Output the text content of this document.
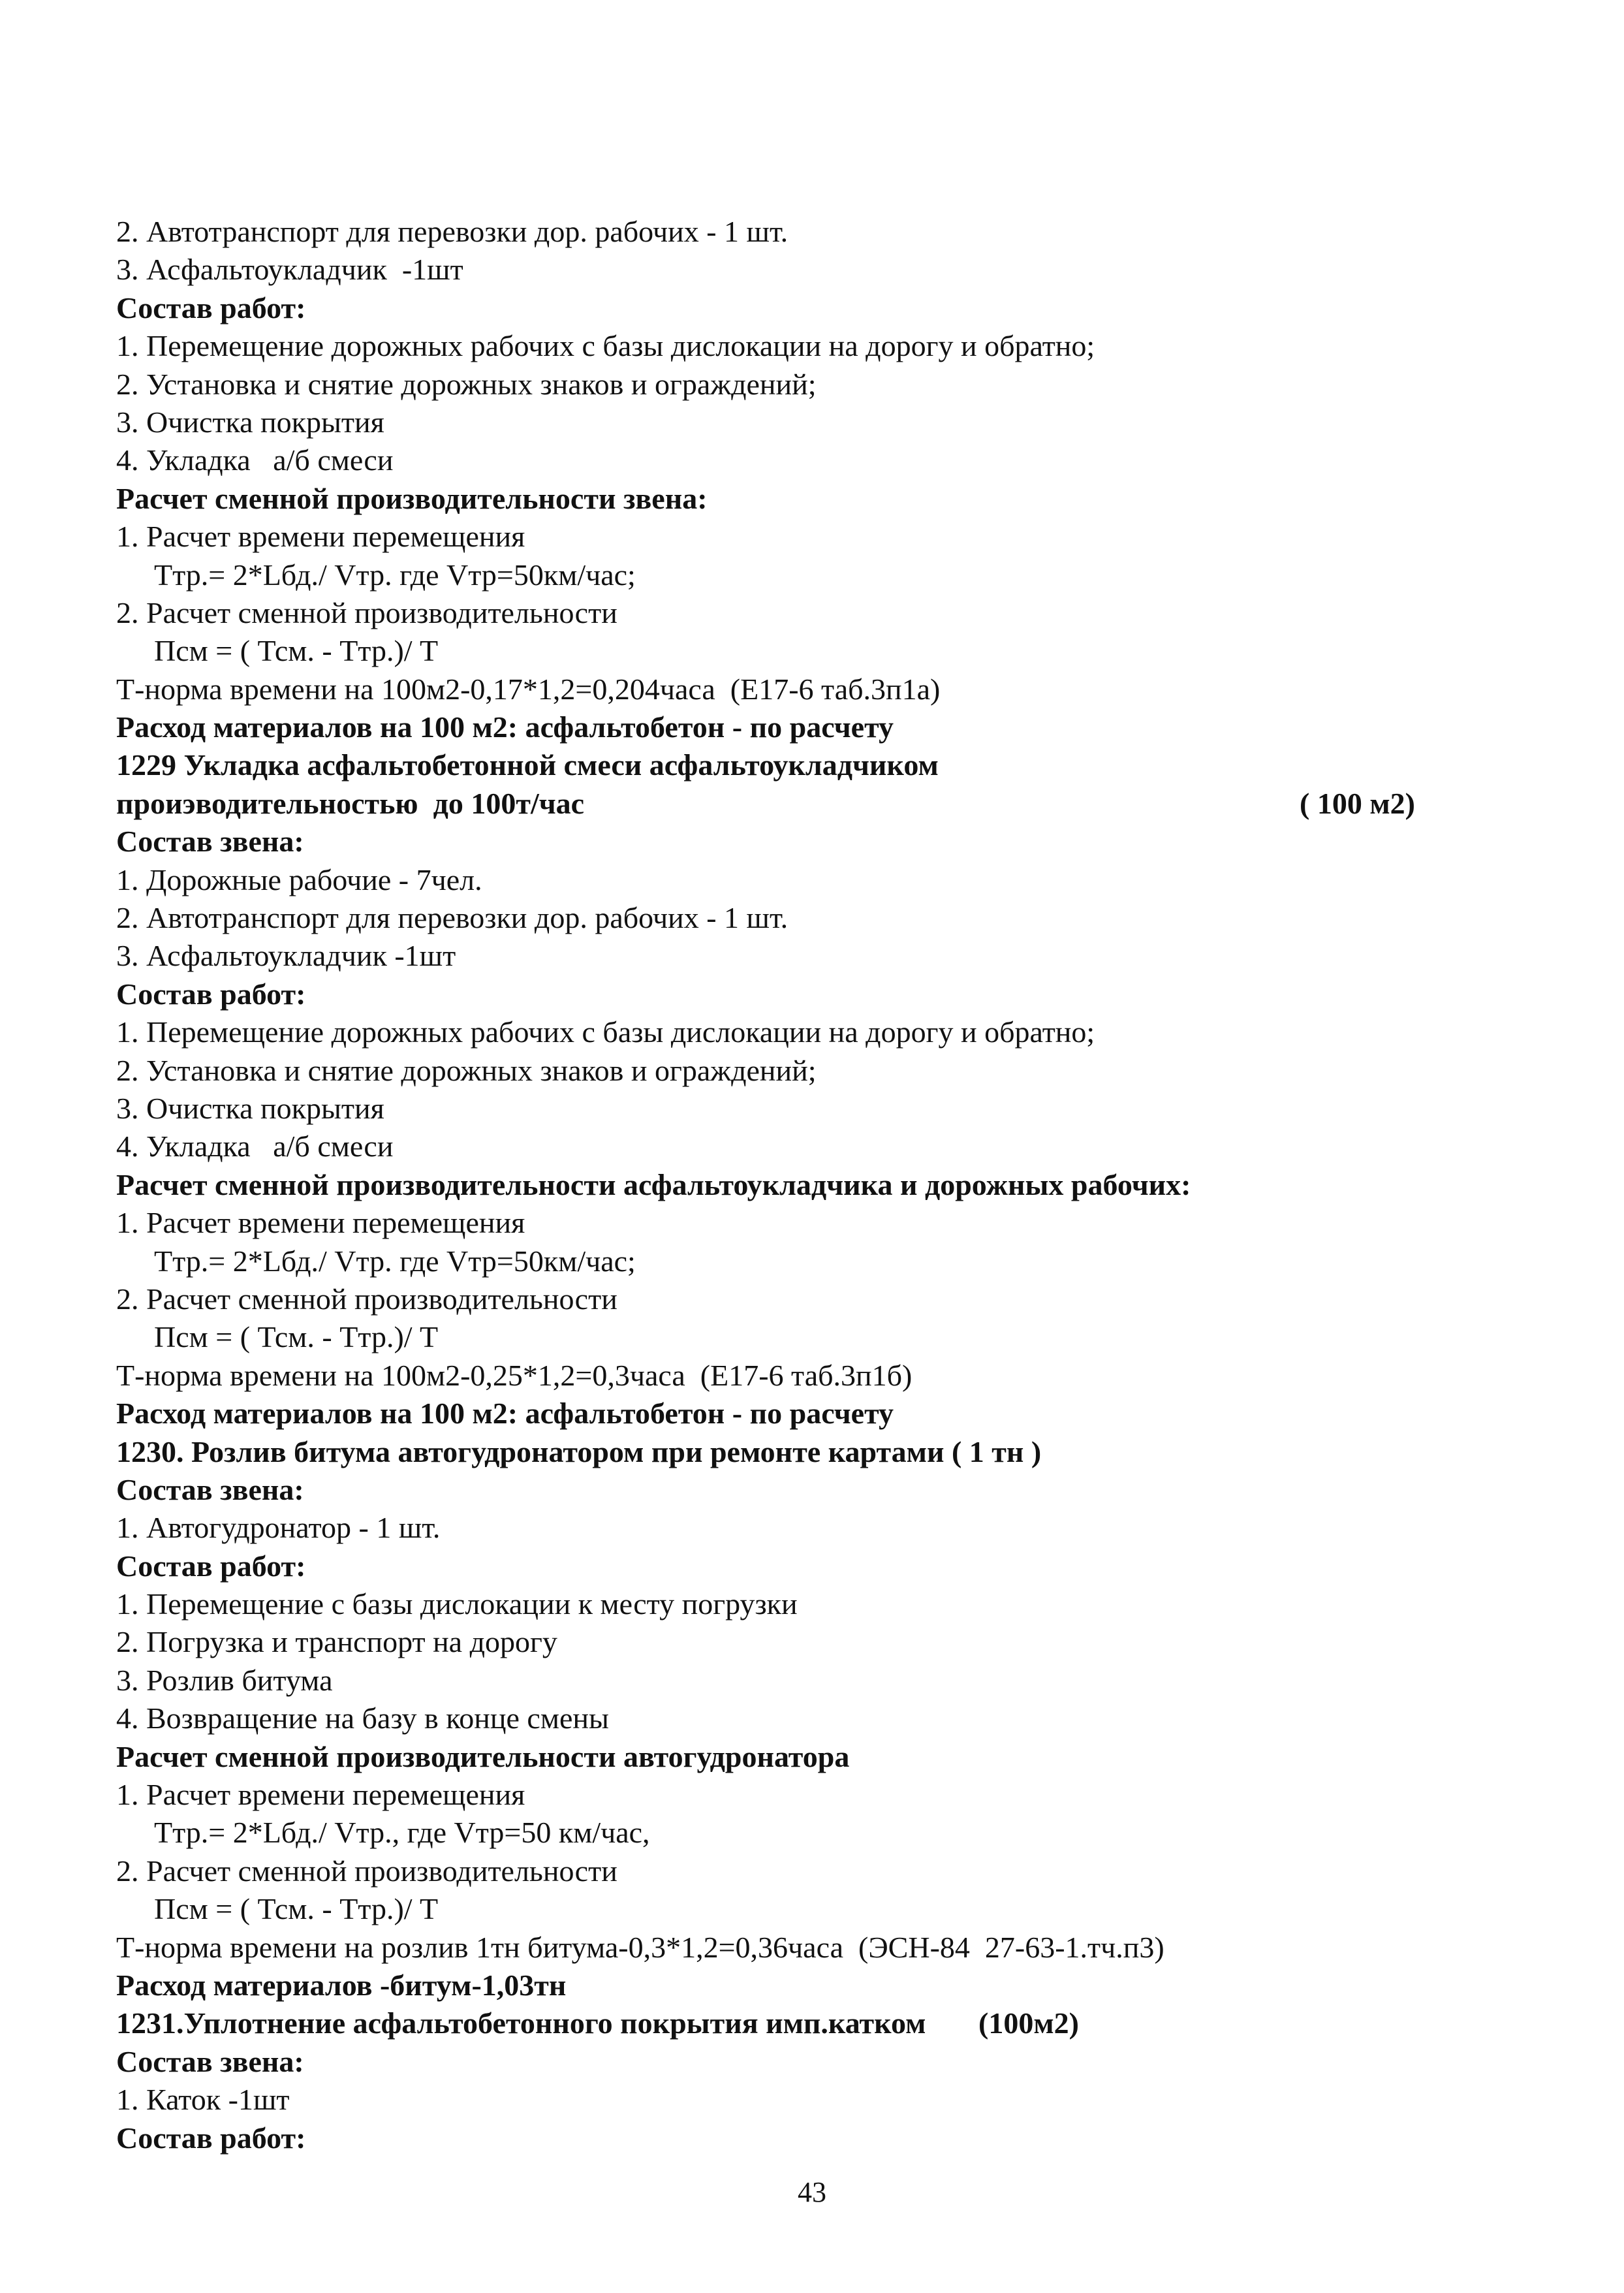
2. Автотранспорт для перевозки дор. рабочих - 1 шт.
3. Асфальтоукладчик  -1шт
Состав работ:
1. Перемещение дорожных рабочих с базы дислокации на дорогу и обратно;
2. Установка и снятие дорожных знаков и ограждений;
3. Очистка покрытия
4. Укладка   а/б смеси
Расчет сменной производительности звена:
1. Расчет времени перемещения
Ттр.= 2*Lбд./ Vтр. где Vтр=50км/час;
2. Расчет сменной производительности
Псм = ( Тсм. - Ттр.)/ Т
Т-норма времени на 100м2-0,17*1,2=0,204часа  (Е17-6 таб.3п1а)
Расход материалов на 100 м2: асфальтобетон - по расчету
1229 Укладка асфальтобетонной смеси асфальтоукладчиком
проиэводительностью  до 100т/час	( 100 м2)
Состав звена:
1. Дорожные рабочие - 7чел.
2. Автотранспорт для перевозки дор. рабочих - 1 шт.
3. Асфальтоукладчик -1шт
Состав работ:
1. Перемещение дорожных рабочих с базы дислокации на дорогу и обратно;
2. Установка и снятие дорожных знаков и ограждений;
3. Очистка покрытия
4. Укладка   а/б смеси
Расчет сменной производительности асфальтоукладчика и дорожных рабочих:
1. Расчет времени перемещения
Ттр.= 2*Lбд./ Vтр. где Vтр=50км/час;
2. Расчет сменной производительности
Псм = ( Тсм. - Ттр.)/ Т
Т-норма времени на 100м2-0,25*1,2=0,3часа  (Е17-6 таб.3п1б)
Расход материалов на 100 м2: асфальтобетон - по расчету
1230. Розлив битума автогудронатором при ремонте картами ( 1 тн )
Состав звена:
1. Автогудронатор - 1 шт.
Состав работ:
1. Перемещение с базы дислокации к месту погрузки
2. Погрузка и транспорт на дорогу
3. Розлив битума
4. Возвращение на базу в конце смены
Расчет сменной производительности автогудронатора
1. Расчет времени перемещения
Ттр.= 2*Lбд./ Vтр., где Vтр=50 км/час,
2. Расчет сменной производительности
Псм = ( Тсм. - Ттр.)/ Т
Т-норма времени на розлив 1тн битума-0,3*1,2=0,36часа  (ЭСН-84  27-63-1.тч.п3)
Расход материалов -битум-1,03тн
1231.Уплотнение асфальтобетонного покрытия имп.катком       (100м2)
Состав звена:
1. Каток -1шт
Состав работ:
43
